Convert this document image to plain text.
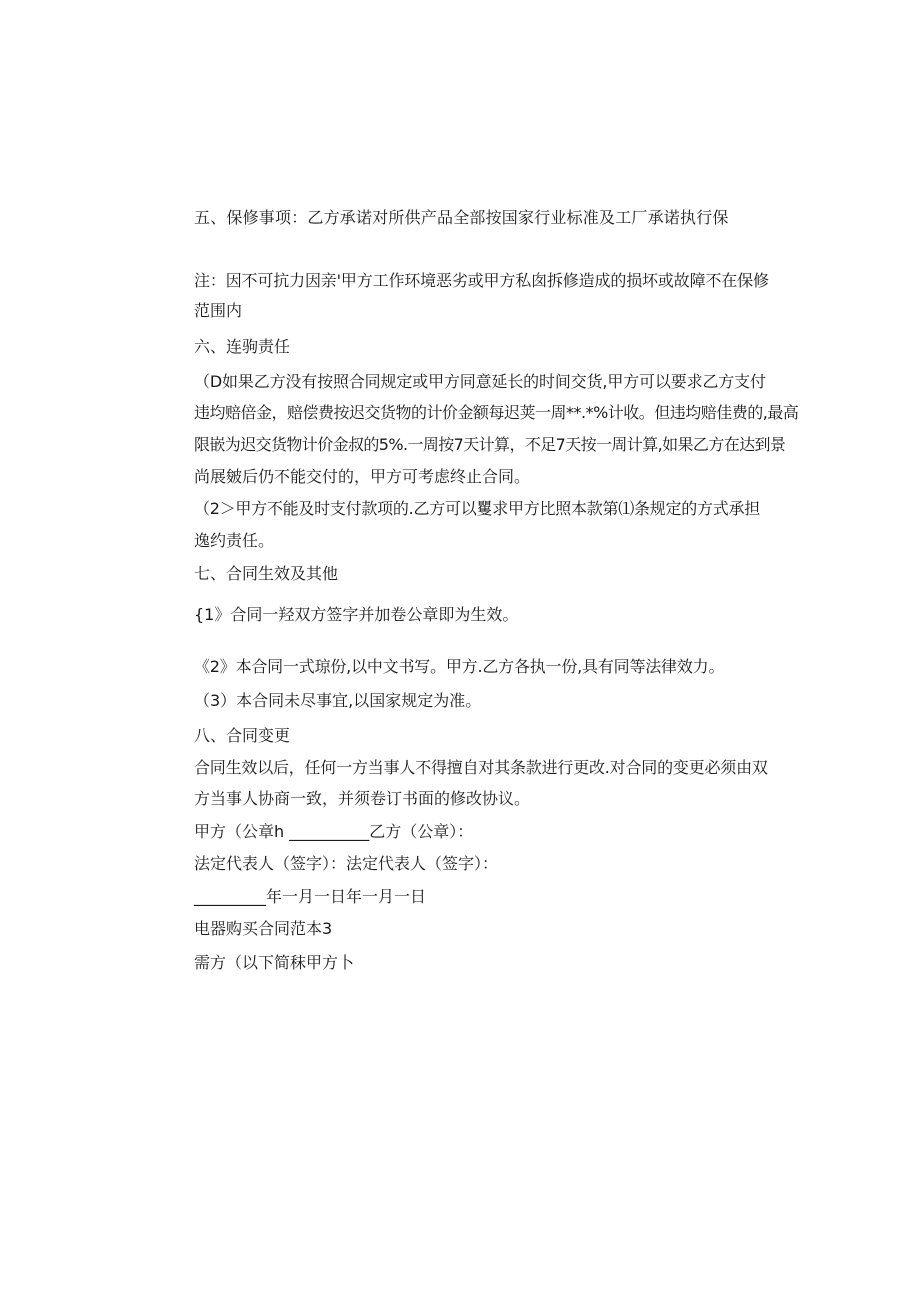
五、保修事项：乙方承诺对所供产品全部按国家行业标准及工厂承诺执行保
注：因不可抗力因亲'甲方工作环境恶劣或甲方私囱拆修造成的损坏或故障不在保修
范围内
六、连驹责任
（D如果乙方没有按照合同规定或甲方同意延长的时间交货,甲方可以要求乙方支付
违均赔倍金，赔偿费按迟交货物的计价金额每迟荚一周**.*%计收。但违均赔佳费的,最高
限嵌为迟交货物计价金叔的5%.一周按7天计算，不足7天按一周计算,如果乙方在达到景
尚展皴后仍不能交付的，甲方可考虑终止合同。
（2＞甲方不能及时支付款项的.乙方可以矍求甲方比照本款第⑴条规定的方式承担
逸约责任。
七、合同生效及其他
{1》合同一羟双方签字并加卷公章即为生效。
《2》本合同一式琼份,以中文书写。甲方.乙方各执一份,具有同等法律效力。
（3）本合同未尽事宜,以国家规定为准。
八、合同变更
合同生效以后，任何一方当事人不得擅自对其条款进行更改.对合同的变更必须由双
方当事人协商一致，并须卷订书面的修改协议。
甲方（公章h __________乙方（公章）：
法定代表人（签字）：法定代表人（签字）：
_________年一月一日年一月一日
电器购买合同范本3
需方（以下简秣甲方卜
